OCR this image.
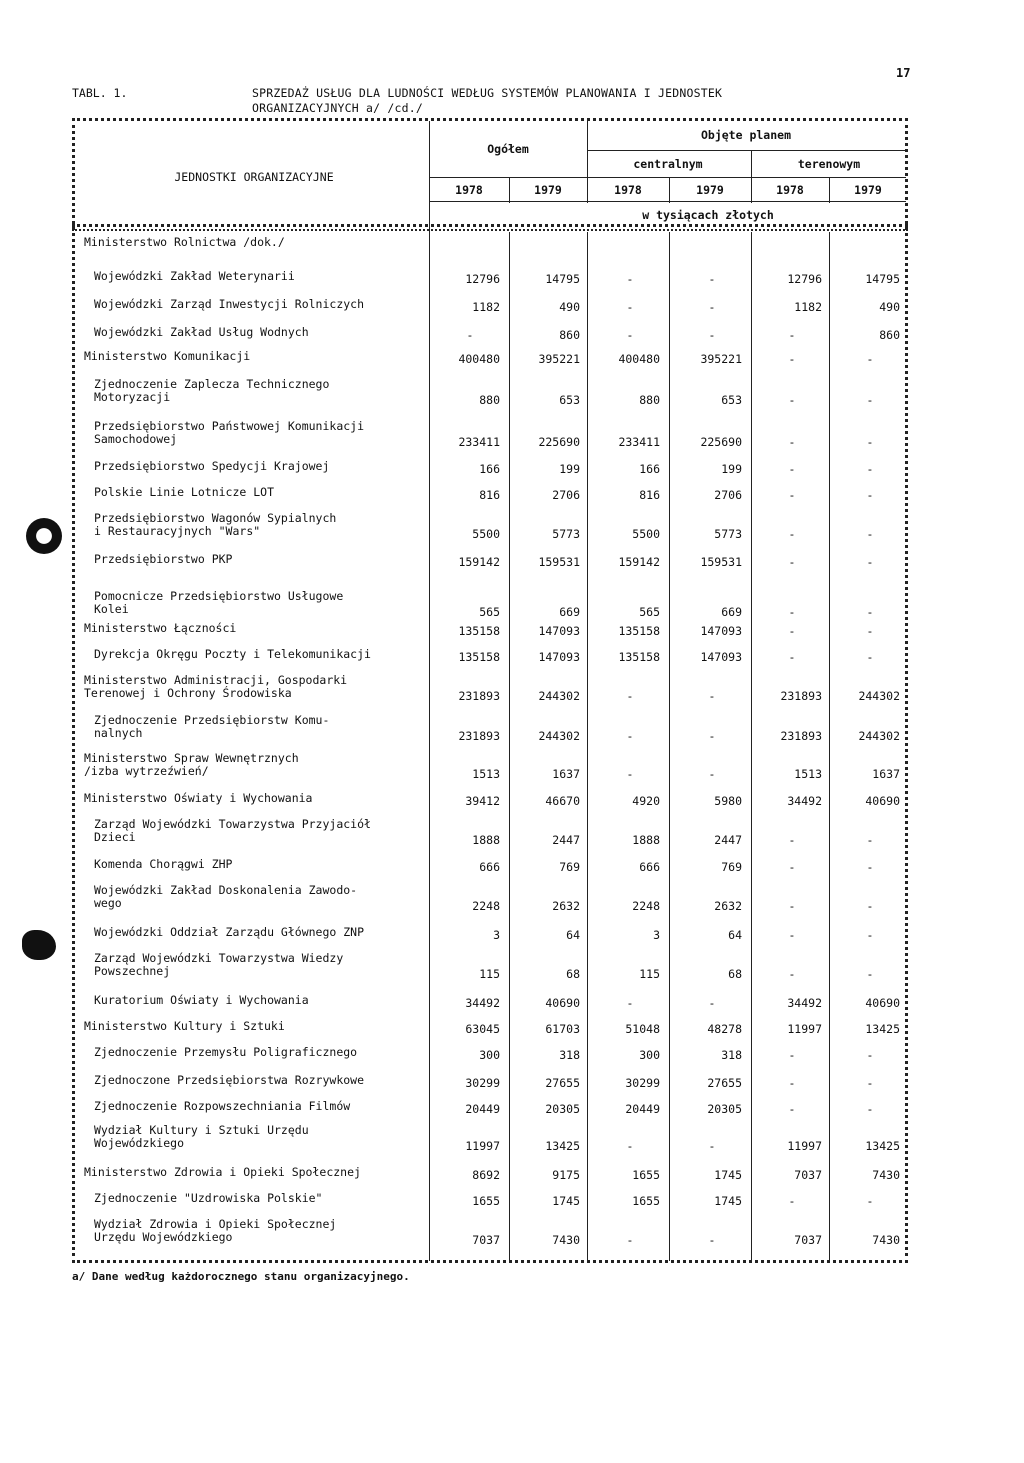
17
TABL. 1.	SPRZEDAŻ USŁUG DLA LUDNOŚCI WEDŁUG SYSTEMÓW PLANOWANIA I JEDNOSTEK
ORGANIZACYJNYCH a/ /cd./
JEDNOSTKI ORGANIZACYJNE
Ogółem
Objęte planem
centralnym	terenowym
1978	1979	1978	1979	1978	1979
w tysiącach złotych
Ministerstwo Rolnictwa /dok./
Wojewódzki Zakład Weterynarii	12796	14795	-	-	12796	14795
Wojewódzki Zarząd Inwestycji Rolniczych	1182	490	-	-	1182	490
Wojewódzki Zakład Usług Wodnych	-	860	-	-	-	860
Ministerstwo Komunikacji	400480	395221	400480	395221	-	-
Zjednoczenie Zaplecza Technicznego
Motoryzacji	880	653	880	653	-	-
Przedsiębiorstwo Państwowej Komunikacji
Samochodowej	233411	225690	233411	225690	-	-
Przedsiębiorstwo Spedycji Krajowej	166	199	166	199	-	-
Polskie Linie Lotnicze LOT	816	2706	816	2706	-	-
Przedsiębiorstwo Wagonów Sypialnych
i Restauracyjnych "Wars"	5500	5773	5500	5773	-	-
Przedsiębiorstwo PKP	159142	159531	159142	159531	-	-
Pomocnicze Przedsiębiorstwo Usługowe
Kolei	565	669	565	669	-	-
Ministerstwo Łączności	135158	147093	135158	147093	-	-
Dyrekcja Okręgu Poczty i Telekomunikacji	135158	147093	135158	147093	-	-
Ministerstwo Administracji, Gospodarki
Terenowej i Ochrony Środowiska	231893	244302	-	-	231893	244302
Zjednoczenie Przedsiębiorstw Komu-
nalnych	231893	244302	-	-	231893	244302
Ministerstwo Spraw Wewnętrznych
/izba wytrzeźwień/	1513	1637	-	-	1513	1637
Ministerstwo Oświaty i Wychowania	39412	46670	4920	5980	34492	40690
Zarząd Wojewódzki Towarzystwa Przyjaciół
Dzieci	1888	2447	1888	2447	-	-
Komenda Chorągwi ZHP	666	769	666	769	-	-
Wojewódzki Zakład Doskonalenia Zawodo-
wego	2248	2632	2248	2632	-	-
Wojewódzki Oddział Zarządu Głównego ZNP	3	64	3	64	-	-
Zarząd Wojewódzki Towarzystwa Wiedzy
Powszechnej	115	68	115	68	-	-
Kuratorium Oświaty i Wychowania	34492	40690	-	-	34492	40690
Ministerstwo Kultury i Sztuki	63045	61703	51048	48278	11997	13425
Zjednoczenie Przemysłu Poligraficznego	300	318	300	318	-	-
Zjednoczone Przedsiębiorstwa Rozrywkowe	30299	27655	30299	27655	-	-
Zjednoczenie Rozpowszechniania Filmów	20449	20305	20449	20305	-	-
Wydział Kultury i Sztuki Urzędu
Wojewódzkiego	11997	13425	-	-	11997	13425
Ministerstwo Zdrowia i Opieki Społecznej	8692	9175	1655	1745	7037	7430
Zjednoczenie "Uzdrowiska Polskie"	1655	1745	1655	1745	-	-
Wydział Zdrowia i Opieki Społecznej
Urzędu Wojewódzkiego	7037	7430	-	-	7037	7430
a/ Dane według każdorocznego stanu organizacyjnego.
